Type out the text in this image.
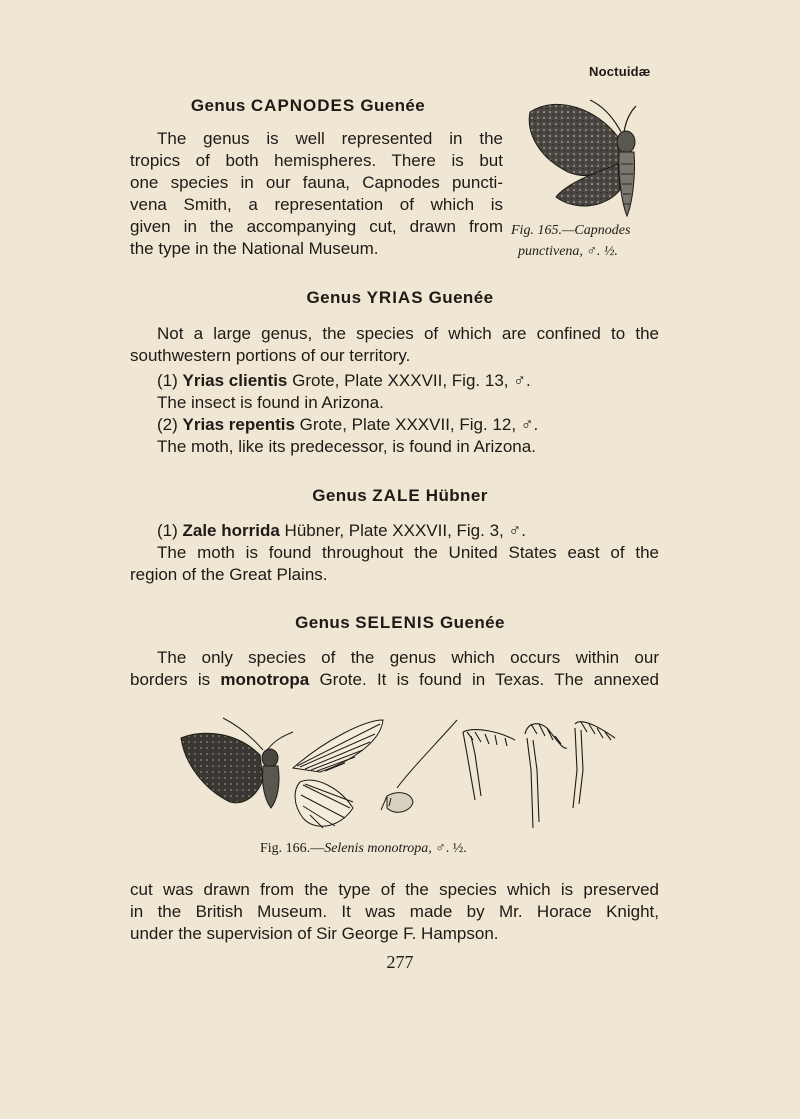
Noctuidæ
Genus CAPNODES Guenée
The genus is well represented in the
tropics of both hemispheres. There is but
one species in our fauna, Capnodes puncti-
vena Smith, a representation of which is
given in the accompanying cut, drawn from
the type in the National Museum.
Fig. 165.—Capnodes
punctivena, ♂. ½.
Genus YRIAS Guenée
Not a large genus, the species of which are confined to the
southwestern portions of our territory.
(1) Yrias clientis Grote, Plate XXXVII, Fig. 13, ♂.
The insect is found in Arizona.
(2) Yrias repentis Grote, Plate XXXVII, Fig. 12, ♂.
The moth, like its predecessor, is found in Arizona.
Genus ZALE Hübner
(1) Zale horrida Hübner, Plate XXXVII, Fig. 3, ♂.
The moth is found throughout the United States east of the
region of the Great Plains.
Genus SELENIS Guenée
The only species of the genus which occurs within our
borders is monotropa Grote. It is found in Texas. The annexed
Fig. 166.—Selenis monotropa, ♂. ½.
cut was drawn from the type of the species which is preserved
in the British Museum. It was made by Mr. Horace Knight,
under the supervision of Sir George F. Hampson.
277
